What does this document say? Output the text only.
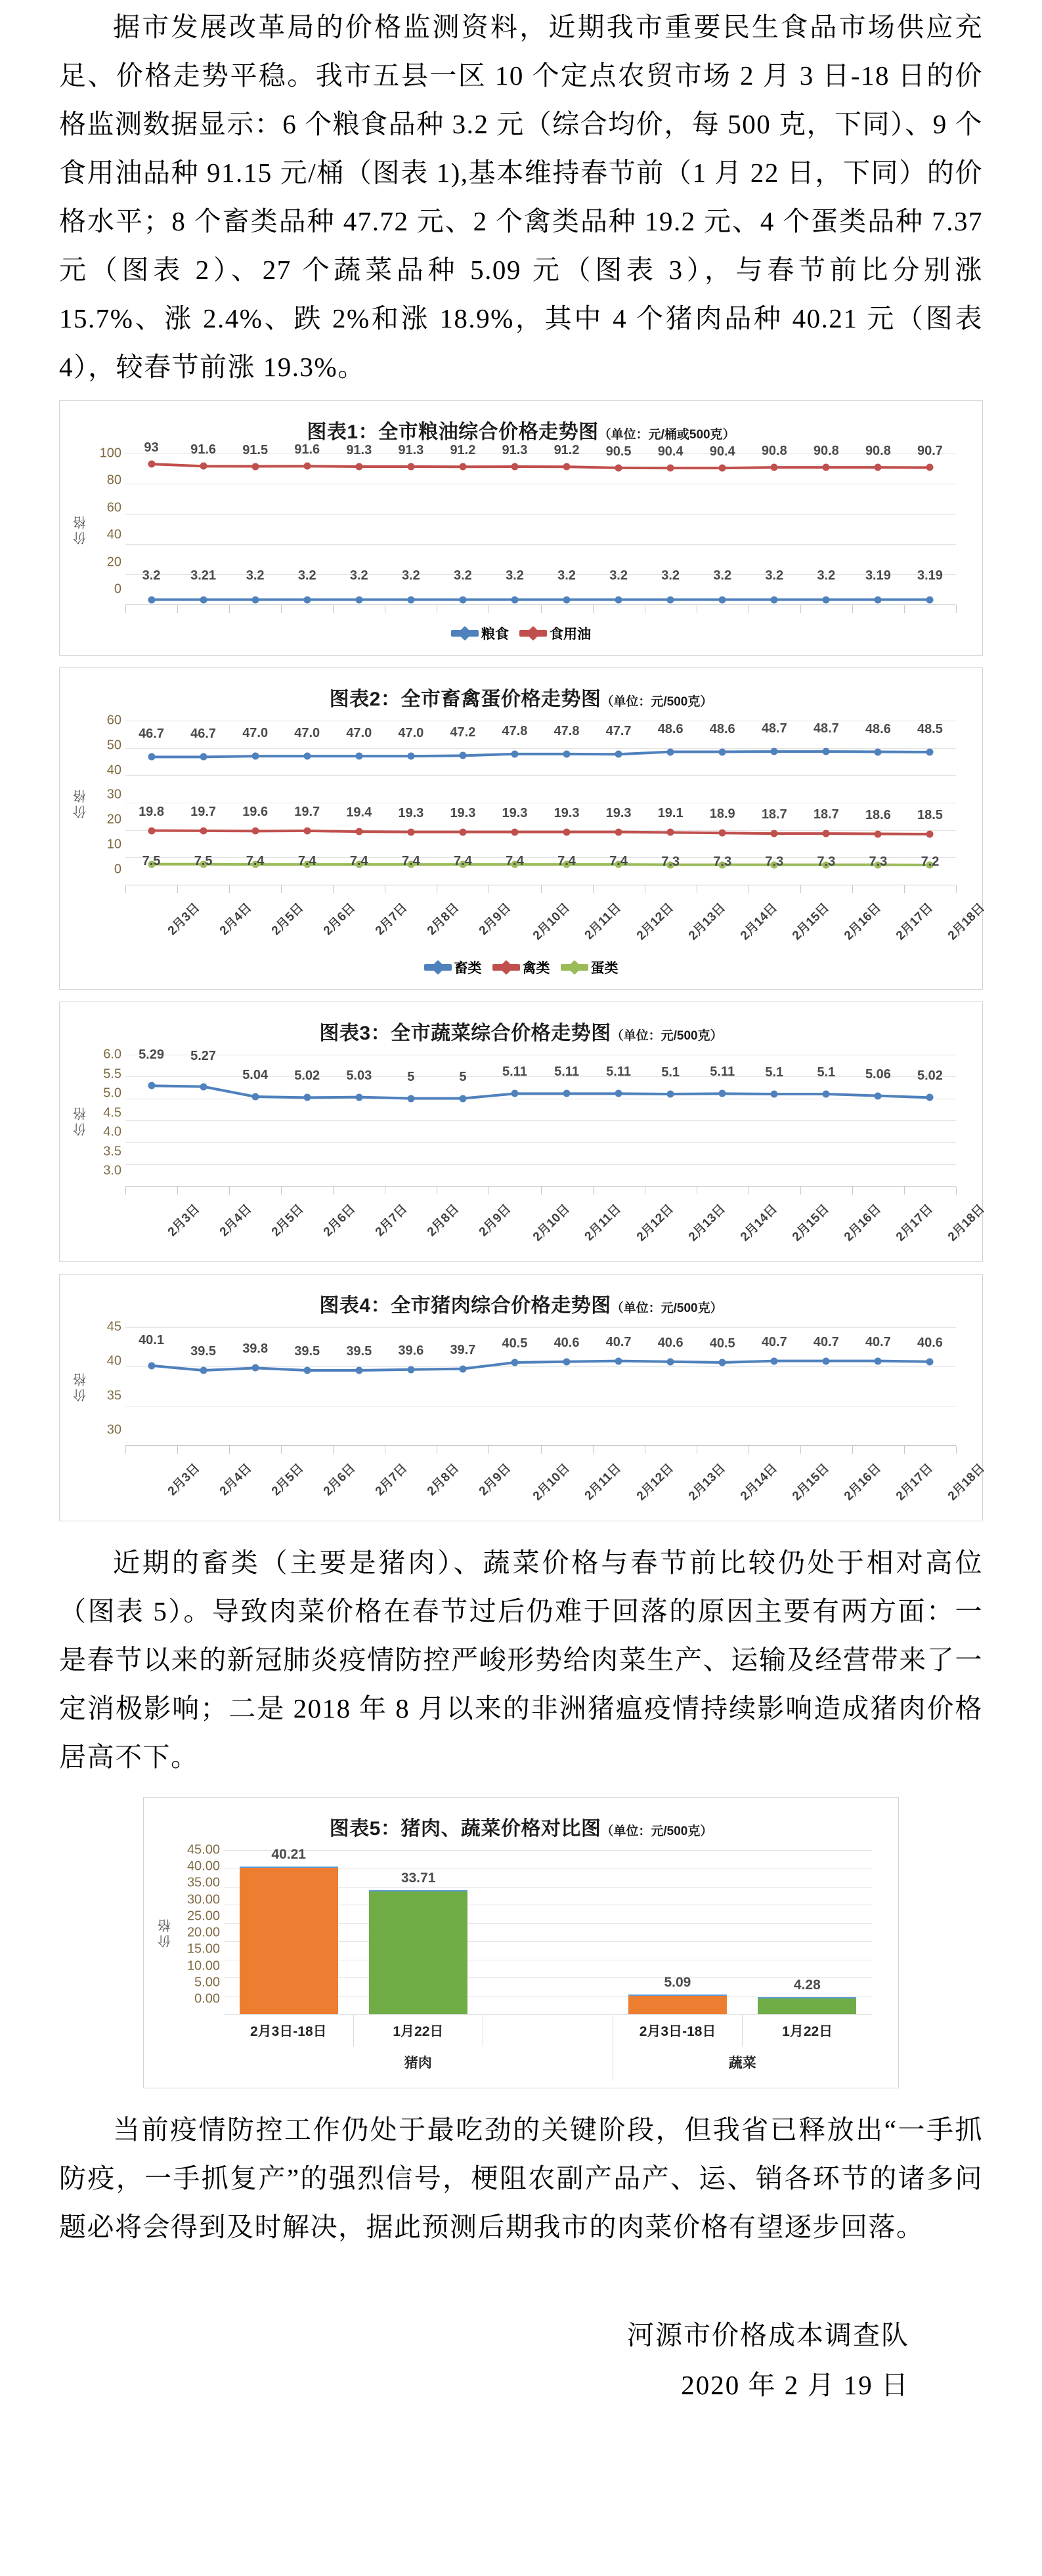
据市发展改革局的价格监测资料，近期我市重要民生食品市场供应充足、价格走势平稳。我市五县一区 10 个定点农贸市场 2 月 3 日-18 日的价格监测数据显示：6 个粮食品种 3.2 元（综合均价，每 500 克，下同）、9 个食用油品种 91.15 元/桶（图表 1),基本维持春节前（1 月 22 日，下同）的价格水平；8 个畜类品种 47.72 元、2 个禽类品种 19.2 元、4 个蛋类品种 7.37 元（图表 2）、27 个蔬菜品种 5.09 元（图表 3），与春节前比分别涨 15.7%、涨 2.4%、跌 2%和涨 18.9%，其中 4 个猪肉品种 40.21 元（图表 4），较春节前涨 19.3%。

图表1：全市粮油综合价格走势图（单位：元/桶或500克）
价格
100
80
60
40
20
0
3.2 3.21 3.2	3.2	3.2	3.2	3.2	3.2	3.2	3.2	3.2	3.2	3.2	3.2 3.19 3.19
93 91.6 91.5 91.6 91.3 91.3 91.2 91.3 91.2 90.5 90.4 90.4 90.8 90.8 90.8 90.7
粮食	食用油
图表2：全市畜禽蛋价格走势图（单位：元/500克）
价格
60
50
40
30
20
10
0
46.7 46.7 47.0 47.0 47.0 47.0 47.2 47.8 47.8 47.7 48.6 48.6 48.7 48.7 48.6 48.5
19.8 19.7 19.6 19.7 19.4 19.3 19.3 19.3 19.3 19.3 19.1 18.9 18.7 18.7 18.6 18.5
7.5	7.5	7.4	7.4	7.4	7.4	7.4	7.4	7.4	7.4	7.3	7.3	7.3	7.3	7.3	7.2
2月3日 2月4日 2月5日 2月6日 2月7日 2月8日 2月9日 2月10日 2月11日 2月12日 2月13日 2月14日 2月15日 2月16日 2月17日 2月18日
畜类	禽类	蛋类
图表3：全市蔬菜综合价格走势图（单位：元/500克）
价格
6.0
5.5
5.0
4.5
4.0
3.5
3.0
5.29 5.27
5.04 5.02 5.03	5	5	5.11 5.11 5.11 5.1 5.11 5.1	5.1 5.06 5.02
2月3日 2月4日 2月5日 2月6日 2月7日 2月8日 2月9日 2月10日 2月11日 2月12日 2月13日 2月14日 2月15日 2月16日 2月17日 2月18日
图表4：全市猪肉综合价格走势图（单位：元/500克）
价格
45
40
35
30
40.1
39.5 39.8 39.5 39.5 39.6 39.7 40.5 40.6 40.7 40.6 40.5 40.7 40.7 40.7 40.6
2月3日 2月4日 2月5日 2月6日 2月7日 2月8日 2月9日 2月10日 2月11日 2月12日 2月13日 2月14日 2月15日 2月16日 2月17日 2月18日

近期的畜类（主要是猪肉）、蔬菜价格与春节前比较仍处于相对高位（图表 5）。导致肉菜价格在春节过后仍难于回落的原因主要有两方面：一是春节以来的新冠肺炎疫情防控严峻形势给肉菜生产、运输及经营带来了一定消极影响；二是 2018 年 8 月以来的非洲猪瘟疫情持续影响造成猪肉价格居高不下。

图表5：猪肉、蔬菜价格对比图（单位：元/500克）
价格
45.00
40.00
35.00
30.00
25.00
20.00
15.00
10.00
5.00
0.00
40.21
33.71
5.09	4.28
2月3日-18日	1月22日
	2月3日-18日	1月22日
猪肉	蔬菜

当前疫情防控工作仍处于最吃劲的关键阶段，但我省已释放出“一手抓防疫，一手抓复产”的强烈信号，梗阻农副产品产、运、销各环节的诸多问题必将会得到及时解决，据此预测后期我市的肉菜价格有望逐步回落。

河源市价格成本调查队
2020 年 2 月 19 日
